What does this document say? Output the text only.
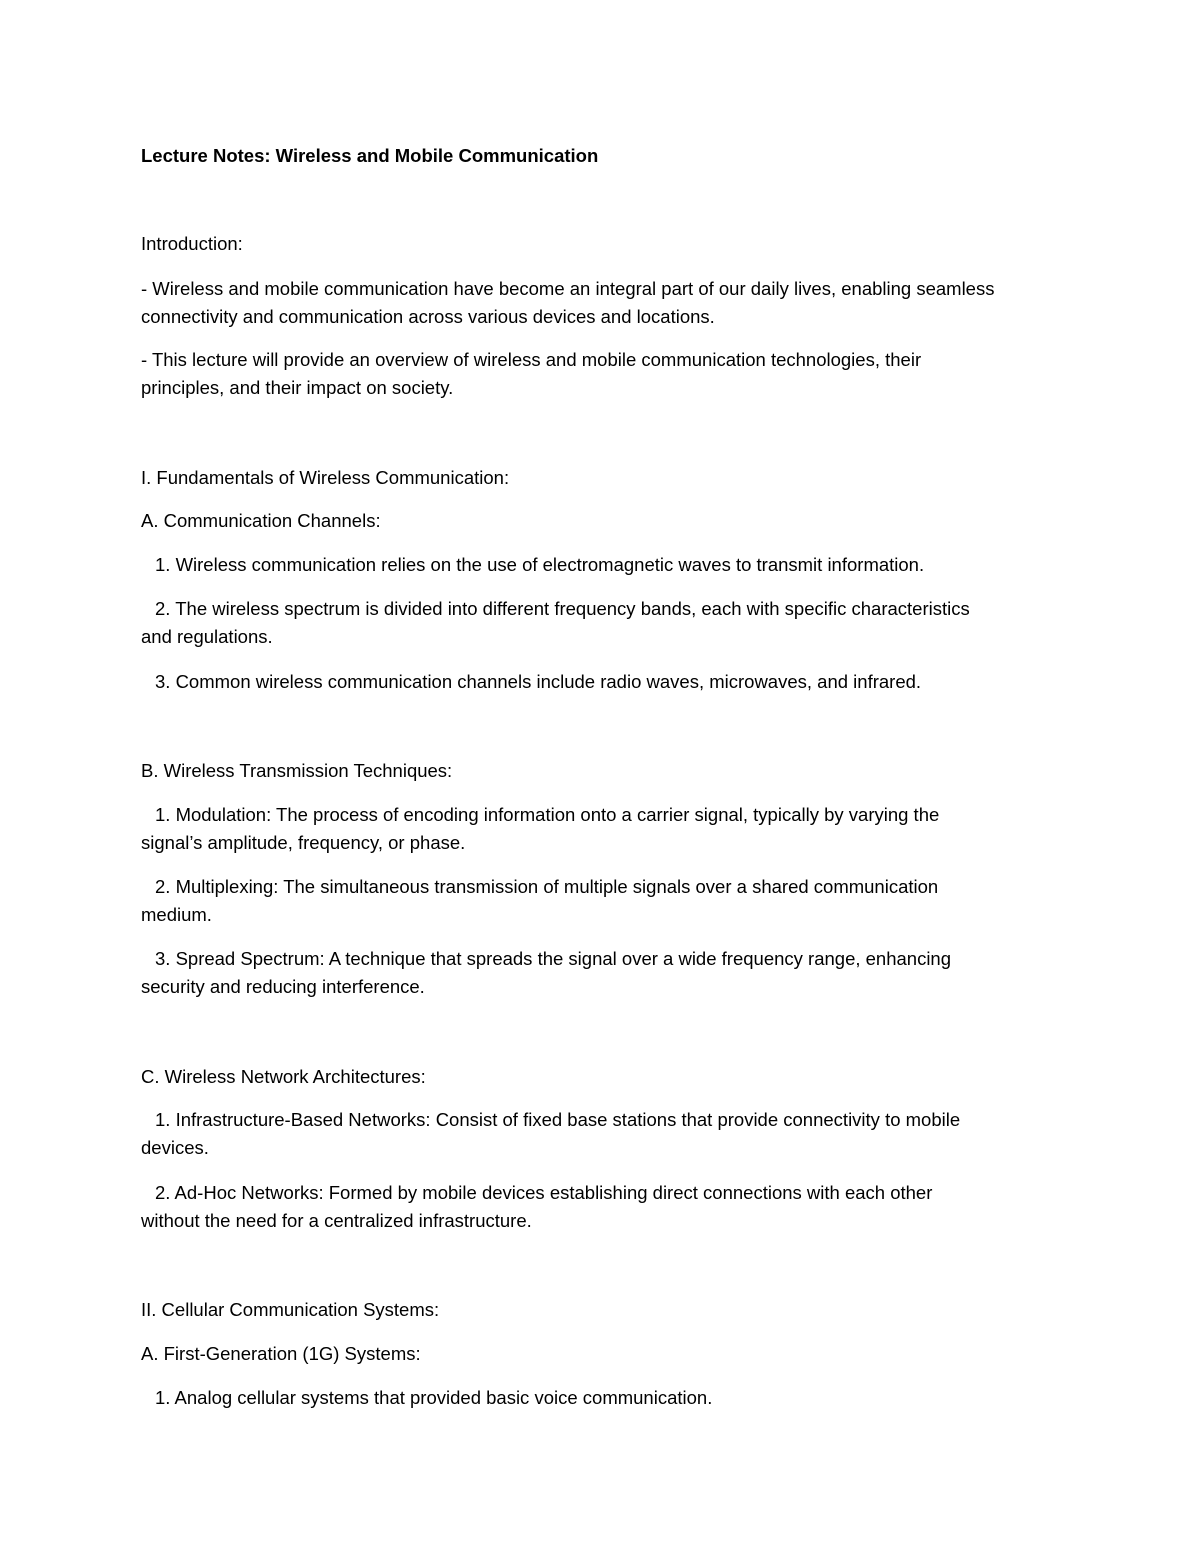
Lecture Notes: Wireless and Mobile Communication
Introduction:
- Wireless and mobile communication have become an integral part of our daily lives, enabling seamless
connectivity and communication across various devices and locations.
- This lecture will provide an overview of wireless and mobile communication technologies, their
principles, and their impact on society.
I. Fundamentals of Wireless Communication:
A. Communication Channels:
1. Wireless communication relies on the use of electromagnetic waves to transmit information.
2. The wireless spectrum is divided into different frequency bands, each with specific characteristics
and regulations.
3. Common wireless communication channels include radio waves, microwaves, and infrared.
B. Wireless Transmission Techniques:
1. Modulation: The process of encoding information onto a carrier signal, typically by varying the
signal’s amplitude, frequency, or phase.
2. Multiplexing: The simultaneous transmission of multiple signals over a shared communication
medium.
3. Spread Spectrum: A technique that spreads the signal over a wide frequency range, enhancing
security and reducing interference.
C. Wireless Network Architectures:
1. Infrastructure-Based Networks: Consist of fixed base stations that provide connectivity to mobile
devices.
2. Ad-Hoc Networks: Formed by mobile devices establishing direct connections with each other
without the need for a centralized infrastructure.
II. Cellular Communication Systems:
A. First-Generation (1G) Systems:
1. Analog cellular systems that provided basic voice communication.
